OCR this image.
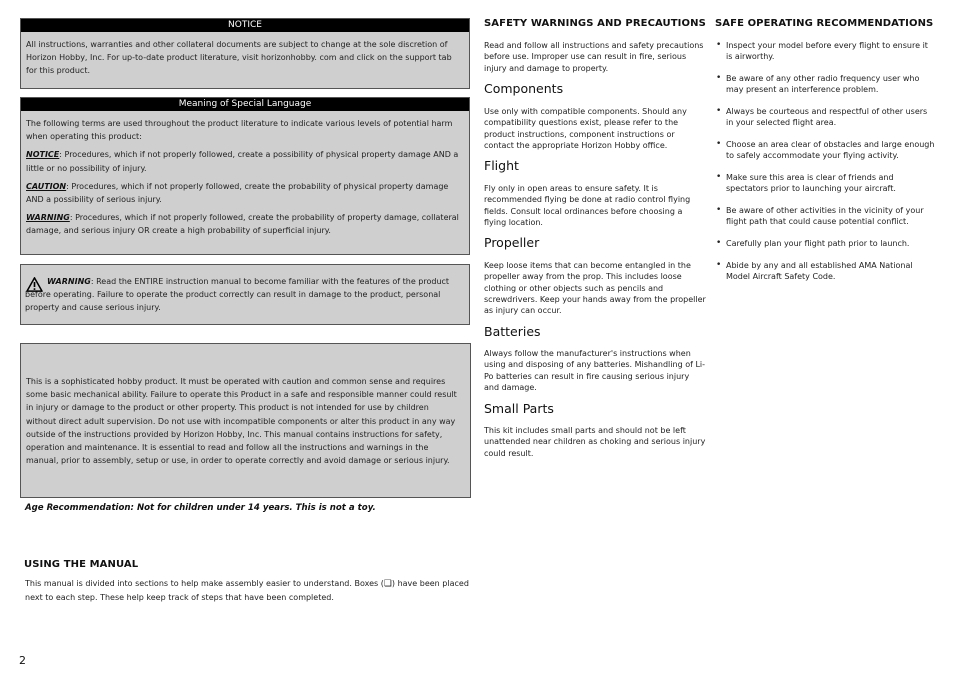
NOTICE
All instructions, warranties and other collateral documents are subject to change at the sole discretion of Horizon Hobby, Inc. For up-to-date product literature, visit horizonhobby. com and click on the support tab for this product.
Meaning of Special Language
The following terms are used throughout the product literature to indicate various levels of potential harm when operating this product:
NOTICE: Procedures, which if not properly followed, create a possibility of physical property damage AND a little or no possibility of injury.
CAUTION: Procedures, which if not properly followed, create the probability of physical property damage AND a possibility of serious injury.
WARNING: Procedures, which if not properly followed, create the probability of property damage, collateral damage, and serious injury OR create a high probability of superficial injury.
WARNING: Read the ENTIRE instruction manual to become familiar with the features of the product before operating. Failure to operate the product correctly can result in damage to the product, personal property and cause serious injury.
This is a sophisticated hobby product. It must be operated with caution and common sense and requires some basic mechanical ability. Failure to operate this Product in a safe and responsible manner could result in injury or damage to the product or other property. This product is not intended for use by children without direct adult supervision. Do not use with incompatible components or alter this product in any way outside of the instructions provided by Horizon Hobby, Inc. This manual contains instructions for safety, operation and maintenance. It is essential to read and follow all the instructions and warnings in the manual, prior to assembly, setup or use, in order to operate correctly and avoid damage or serious injury.
Age Recommendation: Not for children under 14 years. This is not a toy.
USING THE MANUAL
This manual is divided into sections to help make assembly easier to understand. Boxes (❏) have been placed next to each step. These help keep track of steps that have been completed.
2
SAFETY WARNINGS AND PRECAUTIONS
Read and follow all instructions and safety precautions before use. Improper use can result in fire, serious injury and damage to property.
Components
Use only with compatible components. Should any compatibility questions exist, please refer to the product instructions, component instructions or contact the appropriate Horizon Hobby office.
Flight
Fly only in open areas to ensure safety. It is recommended flying be done at radio control flying fields. Consult local ordinances before choosing a flying location.
Propeller
Keep loose items that can become entangled in the propeller away from the prop. This includes loose clothing or other objects such as pencils and screwdrivers. Keep your hands away from the propeller as injury can occur.
Batteries
Always follow the manufacturer's instructions when using and disposing of any batteries. Mishandling of Li-Po batteries can result in fire causing serious injury and damage.
Small Parts
This kit includes small parts and should not be left unattended near children as choking and serious injury could result.
SAFE OPERATING RECOMMENDATIONS
• Inspect your model before every flight to ensure it is airworthy.
• Be aware of any other radio frequency user who may present an interference problem.
• Always be courteous and respectful of other users in your selected flight area.
• Choose an area clear of obstacles and large enough to safely accommodate your flying activity.
• Make sure this area is clear of friends and spectators prior to launching your aircraft.
• Be aware of other activities in the vicinity of your flight path that could cause potential conflict.
• Carefully plan your flight path prior to launch.
• Abide by any and all established AMA National Model Aircraft Safety Code.
